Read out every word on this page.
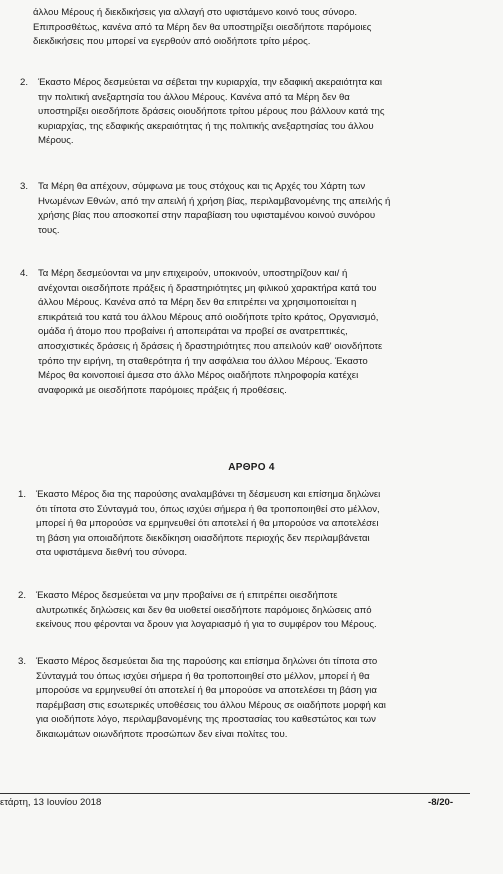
άλλου Μέρους ή διεκδικήσεις για αλλαγή στο υφιστάμενο κοινό τους σύνορο.
Επιπροσθέτως, κανένα από τα Μέρη δεν θα υποστηρίξει οιεσδήποτε παρόμοιες
διεκδικήσεις που μπορεί να εγερθούν από οιοδήποτε τρίτο μέρος.
2. Έκαστο Μέρος δεσμεύεται να σέβεται την κυριαρχία, την εδαφική ακεραιότητα και
την πολιτική ανεξαρτησία του άλλου Μέρους. Κανένα από τα Μέρη δεν θα
υποστηρίξει οιεσδήποτε δράσεις οιουδήποτε τρίτου μέρους που βάλλουν κατά της
κυριαρχίας, της εδαφικής ακεραιότητας ή της πολιτικής ανεξαρτησίας του άλλου
Μέρους.
3. Τα Μέρη θα απέχουν, σύμφωνα με τους στόχους και τις Αρχές του Χάρτη των
Ηνωμένων Εθνών, από την απειλή ή χρήση βίας, περιλαμβανομένης της απειλής ή
χρήσης βίας που αποσκοπεί στην παραβίαση του υφισταμένου κοινού συνόρου
τους.
4. Τα Μέρη δεσμεύονται να μην επιχειρούν, υποκινούν, υποστηρίζουν και/ ή
ανέχονται οιεσδήποτε πράξεις ή δραστηριότητες μη φιλικού χαρακτήρα κατά του
άλλου Μέρους. Κανένα από τα Μέρη δεν θα επιτρέπει να χρησιμοποιείται η
επικράτειά του κατά του άλλου Μέρους από οιοδήποτε τρίτο κράτος, Οργανισμό,
ομάδα ή άτομο που προβαίνει ή αποπειράται να προβεί σε ανατρεπτικές,
αποσχιστικές δράσεις ή δράσεις ή δραστηριότητες που απειλούν καθ' οιονδήποτε
τρόπο την ειρήνη, τη σταθερότητα ή την ασφάλεια του άλλου Μέρους. Έκαστο
Μέρος θα κοινοποιεί άμεσα στο άλλο Μέρος οιαδήποτε πληροφορία κατέχει
αναφορικά με οιεσδήποτε παρόμοιες πράξεις ή προθέσεις.
ΑΡΘΡΟ 4
1. Έκαστο Μέρος δια της παρούσης αναλαμβάνει τη δέσμευση και επίσημα δηλώνει
ότι τίποτα στο Σύνταγμά του, όπως ισχύει σήμερα ή θα τροποποιηθεί στο μέλλον,
μπορεί ή θα μπορούσε να ερμηνευθεί ότι αποτελεί ή θα μπορούσε να αποτελέσει
τη βάση για οποιαδήποτε διεκδίκηση οιασδήποτε περιοχής δεν περιλαμβάνεται
στα υφιστάμενα διεθνή του σύνορα.
2. Έκαστο Μέρος δεσμεύεται να μην προβαίνει σε ή επιτρέπει οιεσδήποτε
αλυτρωτικές δηλώσεις και δεν θα υιοθετεί οιεσδήποτε παρόμοιες δηλώσεις από
εκείνους που φέρονται να δρουν για λογαριασμό ή για το συμφέρον του Μέρους.
3. Έκαστο Μέρος δεσμεύεται δια της παρούσης και επίσημα δηλώνει ότι τίποτα στο
Σύνταγμά του όπως ισχύει σήμερα ή θα τροποποιηθεί στο μέλλον, μπορεί ή θα
μπορούσε να ερμηνευθεί ότι αποτελεί ή θα μπορούσε να αποτελέσει τη βάση για
παρέμβαση στις εσωτερικές υποθέσεις του άλλου Μέρους σε οιαδήποτε μορφή και
για οιοδήποτε λόγο, περιλαμβανομένης της προστασίας του καθεστώτος και των
δικαιωμάτων οιωνδήποτε προσώπων δεν είναι πολίτες του.
ετάρτη, 13 Ιουνίου 2018	-8/20-
